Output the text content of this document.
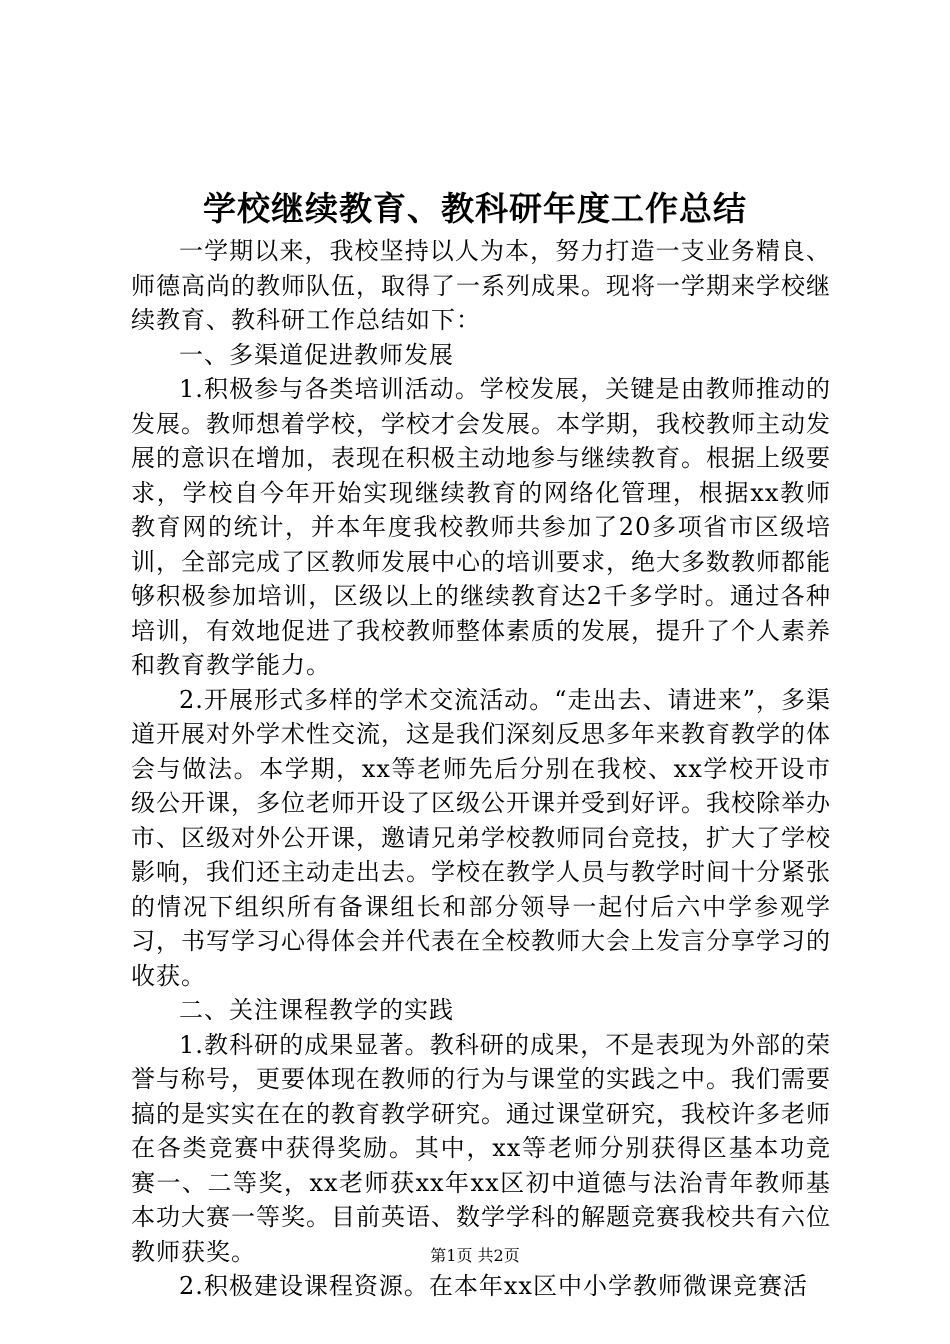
学校继续教育、教科研年度工作总结

一学期以来，我校坚持以人为本，努力打造一支业务精良、师德高尚的教师队伍，取得了一系列成果。现将一学期来学校继续教育、教科研工作总结如下：

一、多渠道促进教师发展

1.积极参与各类培训活动。学校发展，关键是由教师推动的发展。教师想着学校，学校才会发展。本学期，我校教师主动发展的意识在增加，表现在积极主动地参与继续教育。根据上级要求，学校自今年开始实现继续教育的网络化管理，根据xx教师教育网的统计，并本年度我校教师共参加了20多项省市区级培训，全部完成了区教师发展中心的培训要求，绝大多数教师都能够积极参加培训，区级以上的继续教育达2千多学时。通过各种培训，有效地促进了我校教师整体素质的发展，提升了个人素养和教育教学能力。

2.开展形式多样的学术交流活动。“走出去、请进来”，多渠道开展对外学术性交流，这是我们深刻反思多年来教育教学的体会与做法。本学期，xx等老师先后分别在我校、xx学校开设市级公开课，多位老师开设了区级公开课并受到好评。我校除举办市、区级对外公开课，邀请兄弟学校教师同台竞技，扩大了学校影响，我们还主动走出去。学校在教学人员与教学时间十分紧张的情况下组织所有备课组长和部分领导一起付后六中学参观学习，书写学习心得体会并代表在全校教师大会上发言分享学习的收获。

二、关注课程教学的实践

1.教科研的成果显著。教科研的成果，不是表现为外部的荣誉与称号，更要体现在教师的行为与课堂的实践之中。我们需要搞的是实实在在的教育教学研究。通过课堂研究，我校许多老师在各类竞赛中获得奖励。其中，xx等老师分别获得区基本功竞赛一、二等奖，xx老师获xx年xx区初中道德与法治青年教师基本功大赛一等奖。目前英语、数学学科的解题竞赛我校共有六位教师获奖。

2.积极建设课程资源。在本年xx区中小学教师微课竞赛活

第1页 共2页
